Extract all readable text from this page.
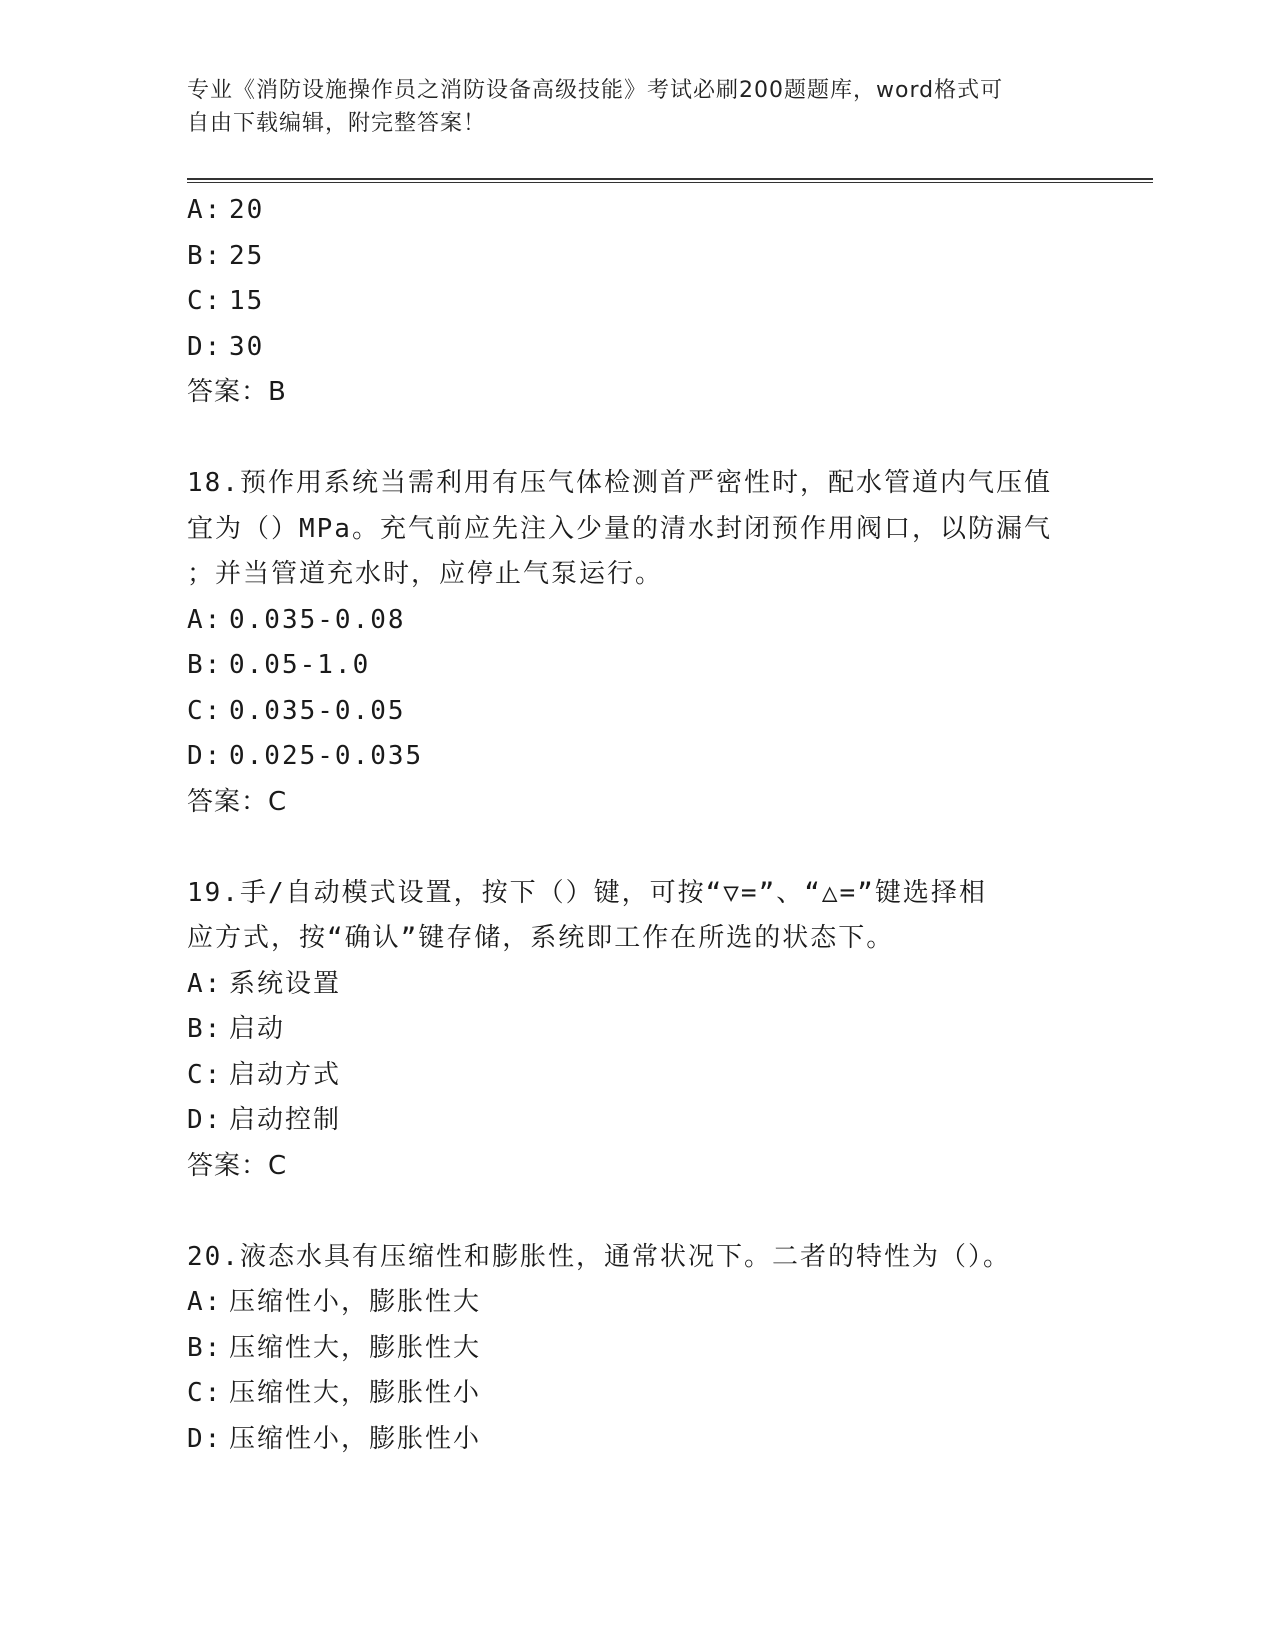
专业《消防设施操作员之消防设备高级技能》考试必刷200题题库，word格式可
自由下载编辑，附完整答案！
A: 20
B: 25
C: 15
D: 30
答案：B
18.预作用系统当需利用有压气体检测首严密性时，配水管道内气压值
宜为（）MPa。充气前应先注入少量的清水封闭预作用阀口，以防漏气
；并当管道充水时，应停止气泵运行。
A: 0.035-0.08
B: 0.05-1.0
C: 0.035-0.05
D: 0.025-0.035
答案：C
19.手/自动模式设置，按下（）键，可按“▽=”、“△=”键选择相
应方式，按“确认”键存储，系统即工作在所选的状态下。
A: 系统设置
B: 启动
C: 启动方式
D: 启动控制
答案：C
20.液态水具有压缩性和膨胀性，通常状况下。二者的特性为（）。
A: 压缩性小，膨胀性大
B: 压缩性大，膨胀性大
C: 压缩性大，膨胀性小
D: 压缩性小，膨胀性小
